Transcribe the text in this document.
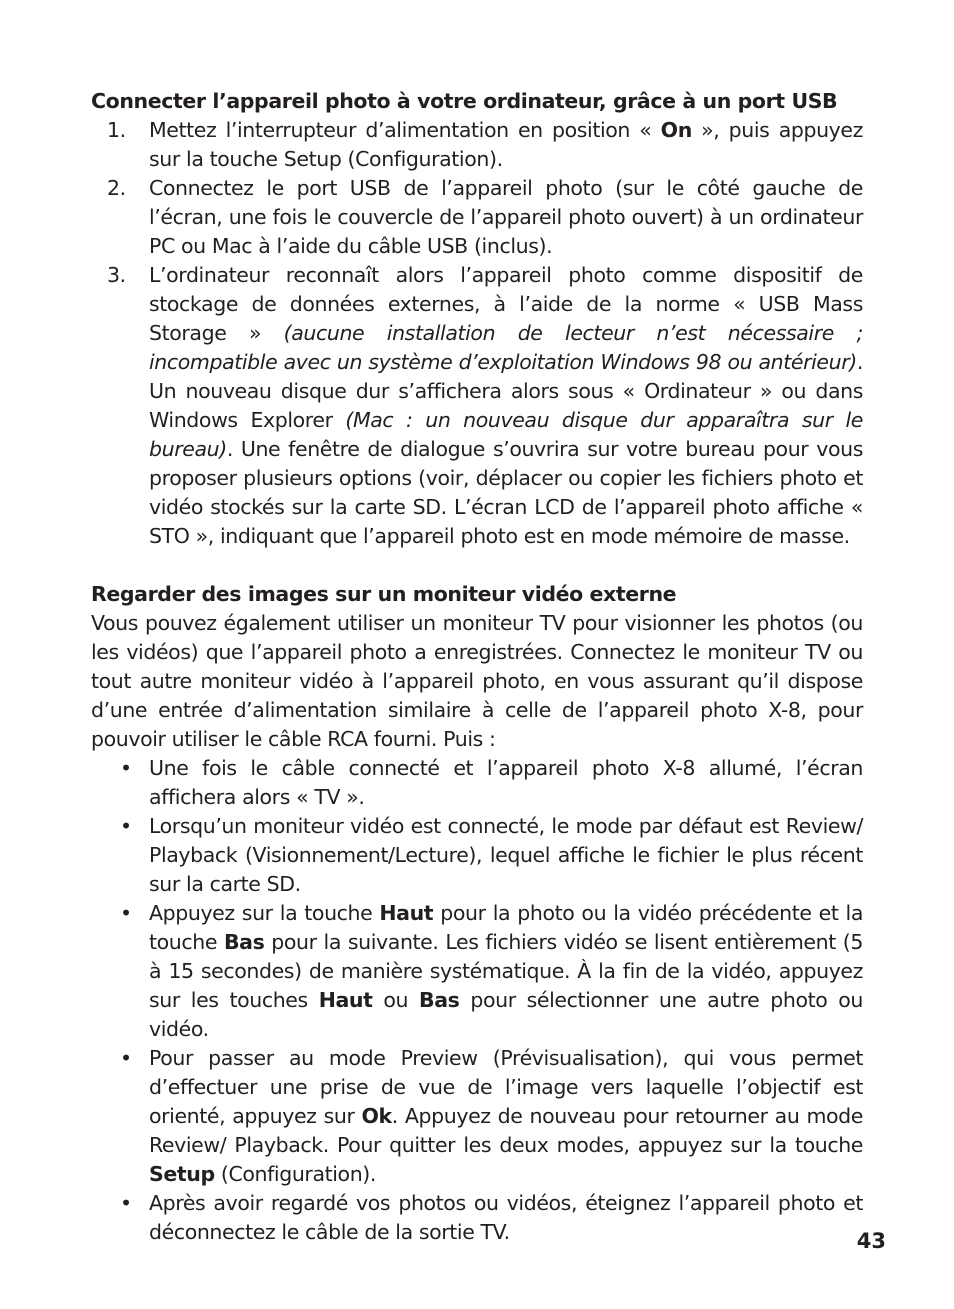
Connecter l’appareil photo à votre ordinateur, grâce à un port USB

1. Mettez l’interrupteur d’alimentation en position « On », puis appuyez sur la touche Setup (Configuration).
2. Connectez le port USB de l’appareil photo (sur le côté gauche de l’écran, une fois le couvercle de l’appareil photo ouvert) à un ordinateur PC ou Mac à l’aide du câble USB (inclus).
3. L’ordinateur reconnaît alors l’appareil photo comme dispositif de stockage de données externes, à l’aide de la norme « USB Mass Storage » (aucune installation de lecteur n’est nécessaire ; incompatible avec un système d’exploitation Windows 98 ou antérieur). Un nouveau disque dur s’affichera alors sous « Ordinateur » ou dans Windows Explorer (Mac : un nouveau disque dur apparaîtra sur le bureau). Une fenêtre de dialogue s’ouvrira sur votre bureau pour vous proposer plusieurs options (voir, déplacer ou copier les fichiers photo et vidéo stockés sur la carte SD. L’écran LCD de l’appareil photo affiche « STO », indiquant que l’appareil photo est en mode mémoire de masse.

Regarder des images sur un moniteur vidéo externe

Vous pouvez également utiliser un moniteur TV pour visionner les photos (ou les vidéos) que l’appareil photo a enregistrées. Connectez le moniteur TV ou tout autre moniteur vidéo à l’appareil photo, en vous assurant qu’il dispose d’une entrée d’alimentation similaire à celle de l’appareil photo X-8, pour pouvoir utiliser le câble RCA fourni. Puis :

• Une fois le câble connecté et l’appareil photo X-8 allumé, l’écran affichera alors « TV ».
• Lorsqu’un moniteur vidéo est connecté, le mode par défaut est Review/ Playback (Visionnement/Lecture), lequel affiche le fichier le plus récent sur la carte SD.
• Appuyez sur la touche Haut pour la photo ou la vidéo précédente et la touche Bas pour la suivante. Les fichiers vidéo se lisent entièrement (5 à 15 secondes) de manière systématique. À la fin de la vidéo, appuyez sur les touches Haut ou Bas pour sélectionner une autre photo ou vidéo.
• Pour passer au mode Preview (Prévisualisation), qui vous permet d’effectuer une prise de vue de l’image vers laquelle l’objectif est orienté, appuyez sur Ok. Appuyez de nouveau pour retourner au mode Review/ Playback. Pour quitter les deux modes, appuyez sur la touche Setup (Configuration).
• Après avoir regardé vos photos ou vidéos, éteignez l’appareil photo et déconnectez le câble de la sortie TV.	43
